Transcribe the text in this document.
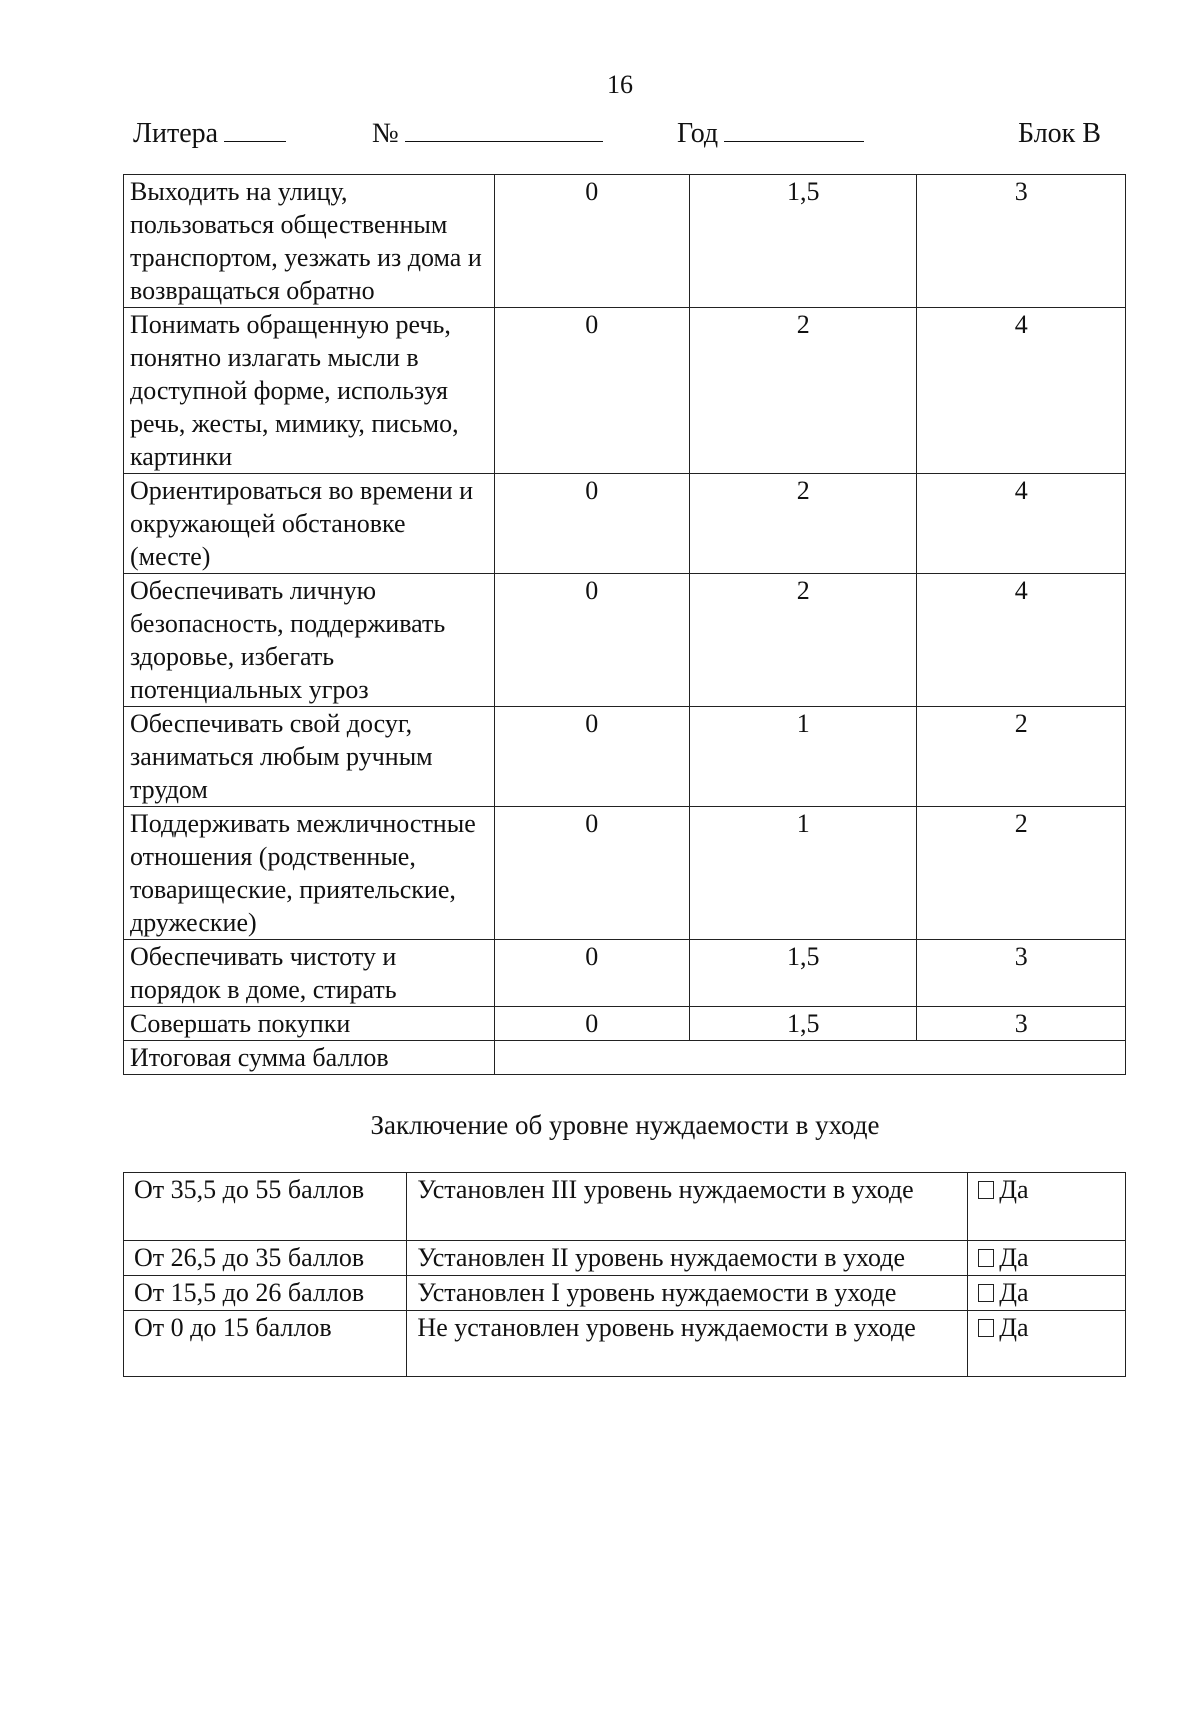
16
Литера	№	Год	Блок В
Выходить на улицу, пользоваться общественным транспортом, уезжать из дома и возвращаться обратно	0	1,5	3
Понимать обращенную речь, понятно излагать мысли в доступной форме, используя речь, жесты, мимику, письмо, картинки	0	2	4
Ориентироваться во времени и окружающей обстановке (месте)	0	2	4
Обеспечивать личную безопасность, поддерживать здоровье, избегать потенциальных угроз	0	2	4
Обеспечивать свой досуг, заниматься любым ручным трудом	0	1	2
Поддерживать межличностные отношения (родственные, товарищеские, приятельские, дружеские)	0	1	2
Обеспечивать чистоту и порядок в доме, стирать	0	1,5	3
Совершать покупки	0	1,5	3
Итоговая сумма баллов			
Заключение об уровне нуждаемости в уходе
От 35,5 до 55 баллов	Установлен III уровень нуждаемости в уходе	Да
От 26,5 до 35 баллов	Установлен II уровень нуждаемости в уходе	Да
От 15,5 до 26 баллов	Установлен I уровень нуждаемости в уходе	Да
От 0 до 15 баллов	Не установлен уровень нуждаемости в уходе	Да
